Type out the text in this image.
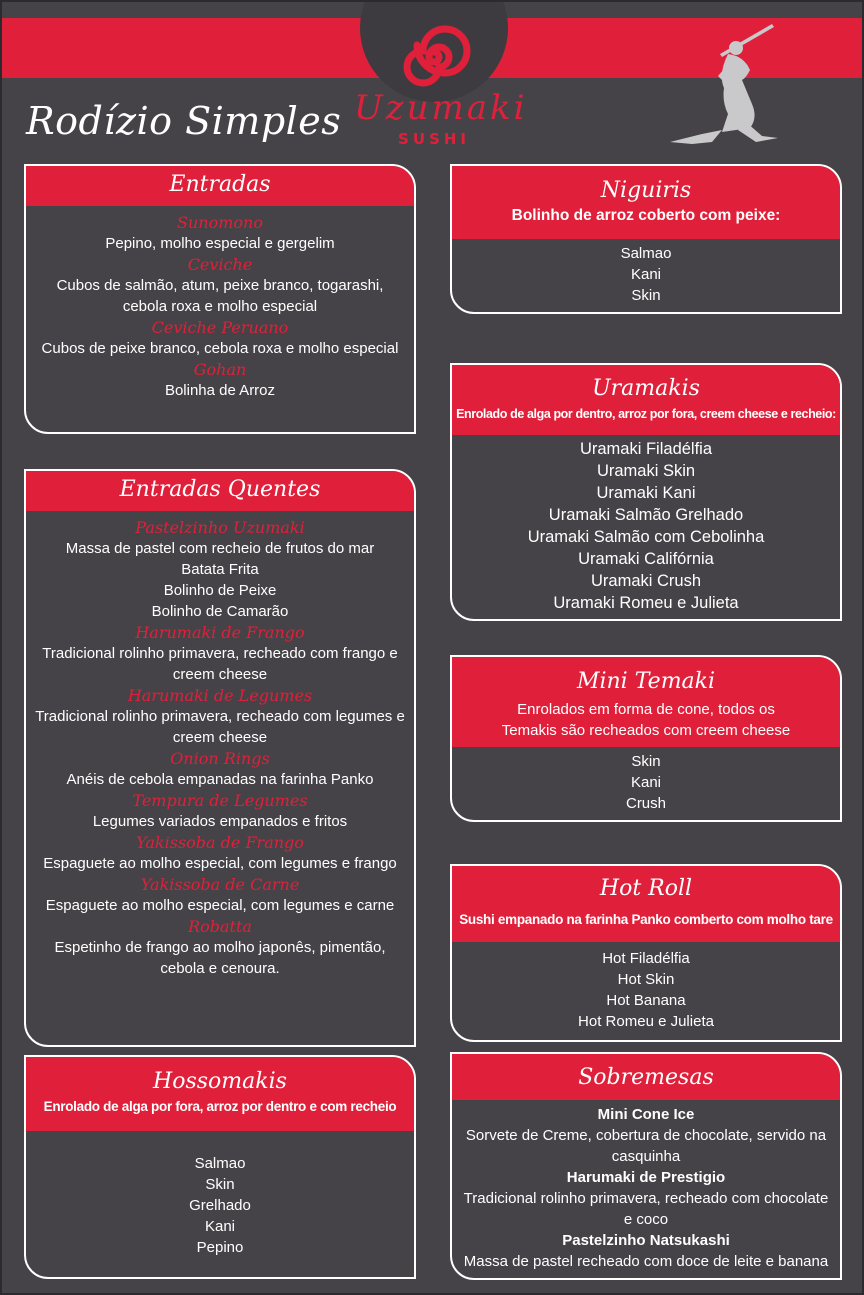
Uzumaki
SUSHI
Rodízio Simples
Entradas
Sunomono
Pepino, molho especial e gergelim
Ceviche
Cubos de salmão, atum, peixe branco, togarashi, cebola roxa e molho especial
Ceviche Peruano
Cubos de peixe branco, cebola roxa e molho especial
Gohan
Bolinha de Arroz
Entradas Quentes
Pastelzinho Uzumaki
Massa de pastel com recheio de frutos do mar
Batata Frita
Bolinho de Peixe
Bolinho de Camarão
Harumaki de Frango
Tradicional rolinho primavera, recheado com frango e creem cheese
Harumaki de Legumes
Tradicional rolinho primavera, recheado com legumes e creem cheese
Onion Rings
Anéis de cebola empanadas na farinha Panko
Tempura de Legumes
Legumes variados empanados e fritos
Yakissoba de Frango
Espaguete ao molho especial, com legumes e frango
Yakissoba de Carne
Espaguete ao molho especial, com legumes e carne
Robatta
Espetinho de frango ao molho japonês, pimentão, cebola e cenoura.
Hossomakis
Enrolado de alga por fora, arroz por dentro e com recheio
Salmao
Skin
Grelhado
Kani
Pepino
Niguiris
Bolinho de arroz coberto com peixe:
Salmao
Kani
Skin
Uramakis
Enrolado de alga por dentro, arroz por fora, creem cheese e recheio:
Uramaki Filadélfia
Uramaki Skin
Uramaki Kani
Uramaki Salmão Grelhado
Uramaki Salmão com Cebolinha
Uramaki Califórnia
Uramaki Crush
Uramaki Romeu e Julieta
Mini Temaki
Enrolados em forma de cone, todos os Temakis são recheados com creem cheese
Skin
Kani
Crush
Hot Roll
Sushi empanado na farinha Panko comberto com molho tare
Hot Filadélfia
Hot Skin
Hot Banana
Hot Romeu e Julieta
Sobremesas
Mini Cone Ice
Sorvete de Creme, cobertura de chocolate, servido na casquinha
Harumaki de Prestigio
Tradicional rolinho primavera, recheado com chocolate e coco
Pastelzinho Natsukashi
Massa de pastel recheado com doce de leite e banana
